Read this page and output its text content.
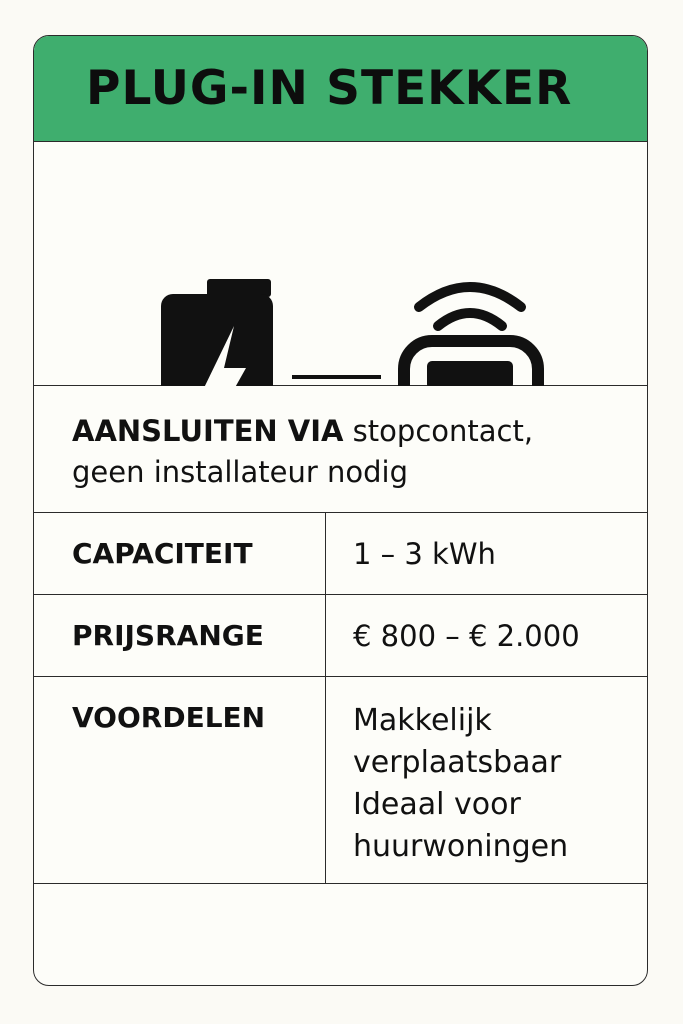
PLUG-IN STEKKER
AANSLUITEN VIA stopcontact,
geen installateur nodig
CAPACITEIT	1 – 3 kWh
PRIJSRANGE	€ 800 – € 2.000
VOORDELEN	Makkelijk
verplaatsbaar
Ideaal voor
huurwoningen
